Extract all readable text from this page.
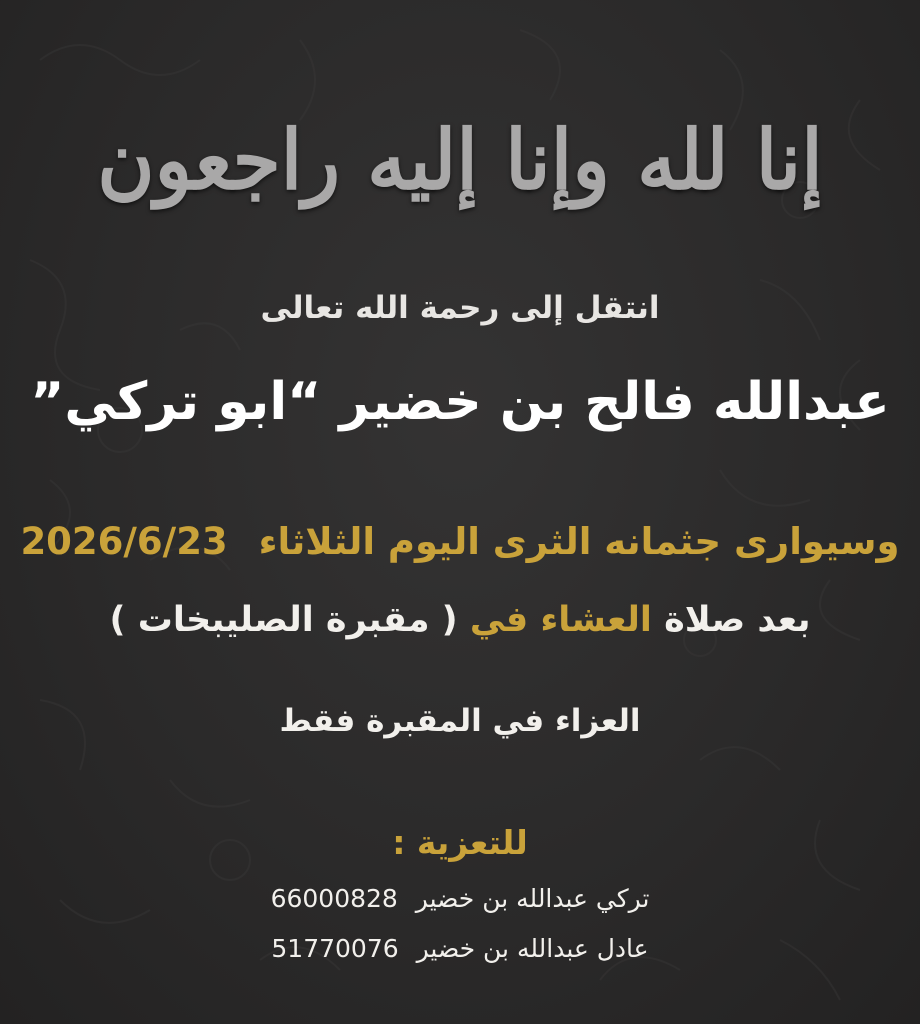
إنا لله وإنا إليه راجعون
انتقل إلى رحمة الله تعالى
عبدالله فالح بن خضير “ابو تركي”
وسيوارى جثمانه الثرى اليوم الثلاثاء 2026/6/23
بعد صلاة العشاء في ( مقبرة الصليبخات )
العزاء في المقبرة فقط
للتعزية :
تركي عبدالله بن خضير 66000828
عادل عبدالله بن خضير 51770076
